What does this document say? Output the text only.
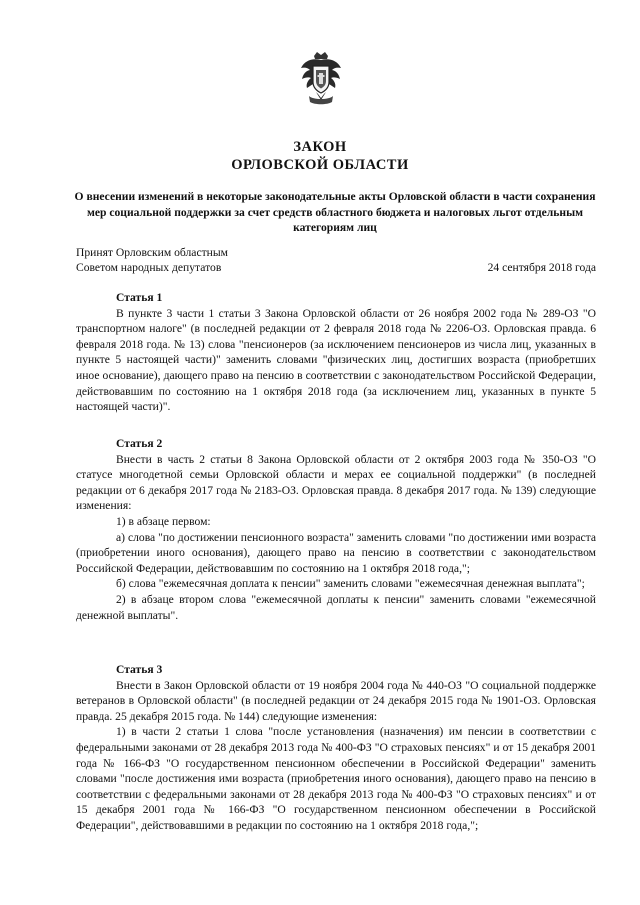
ЗАКОН
ОРЛОВСКОЙ ОБЛАСТИ
О внесении изменений в некоторые законодательные акты Орловской области в части сохранения мер социальной поддержки за счет средств областного бюджета и налоговых льгот отдельным категориям лиц
Принят Орловским областным
Советом народных депутатов	24 сентября 2018 года

Статья 1

В пункте 3 части 1 статьи 3 Закона Орловской области от 26 ноября 2002 года № 289-ОЗ "О транспортном налоге" (в последней редакции от 2 февраля 2018 года № 2206-ОЗ. Орловская правда. 6 февраля 2018 года. № 13) слова "пенсионеров (за исключением пенсионеров из числа лиц, указанных в пункте 5 настоящей части)" заменить словами "физических лиц, достигших возраста (приобретших иное основание), дающего право на пенсию в соответствии с законодательством Российской Федерации, действовавшим по состоянию на 1 октября 2018 года (за исключением лиц, указанных в пункте 5 настоящей части)".

Статья 2

Внести в часть 2 статьи 8 Закона Орловской области от 2 октября 2003 года № 350-ОЗ "О статусе многодетной семьи Орловской области и мерах ее социальной поддержки" (в последней редакции от 6 декабря 2017 года № 2183-ОЗ. Орловская правда. 8 декабря 2017 года. № 139) следующие изменения:

1) в абзаце первом:

а) слова "по достижении пенсионного возраста" заменить словами "по достижении ими возраста (приобретении иного основания), дающего право на пенсию в соответствии с законодательством Российской Федерации, действовавшим по состоянию на 1 октября 2018 года,";

б) слова "ежемесячная доплата к пенсии" заменить словами "ежемесячная денежная выплата";

2) в абзаце втором слова "ежемесячной доплаты к пенсии" заменить словами "ежемесячной денежной выплаты".

Статья 3

Внести в Закон Орловской области от 19 ноября 2004 года № 440-ОЗ "О социальной поддержке ветеранов в Орловской области" (в последней редакции от 24 декабря 2015 года № 1901-ОЗ. Орловская правда. 25 декабря 2015 года. № 144) следующие изменения:

1) в части 2 статьи 1 слова "после установления (назначения) им пенсии в соответствии с федеральными законами от 28 декабря 2013 года № 400-ФЗ "О страховых пенсиях" и от 15 декабря 2001 года № 166-ФЗ "О государственном пенсионном обеспечении в Российской Федерации" заменить словами "после достижения ими возраста (приобретения иного основания), дающего право на пенсию в соответствии с федеральными законами от 28 декабря 2013 года № 400-ФЗ "О страховых пенсиях" и от 15 декабря 2001 года № 166-ФЗ "О государственном пенсионном обеспечении в Российской Федерации", действовавшими в редакции по состоянию на 1 октября 2018 года,";
